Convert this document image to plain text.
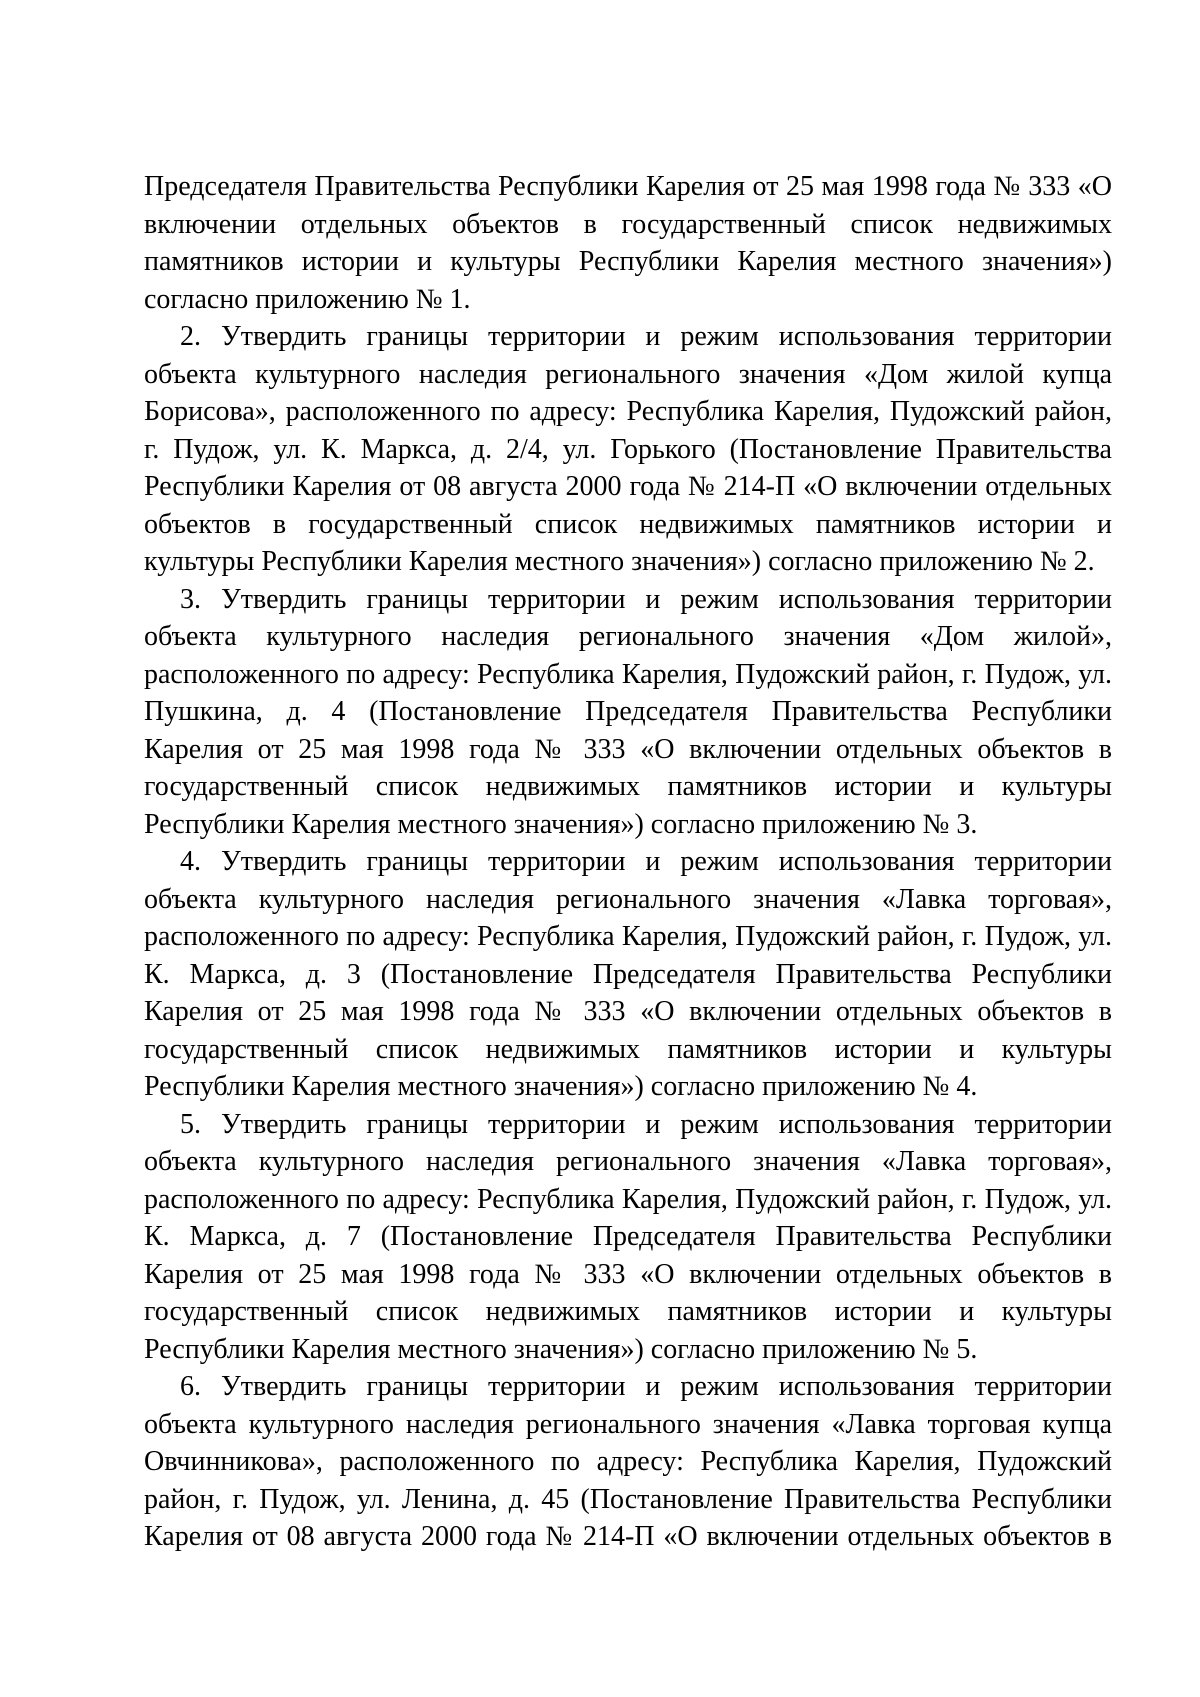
Председателя Правительства Республики Карелия от 25 мая 1998 года № 333 «О включении отдельных объектов в государственный список недвижимых памятников истории и культуры Республики Карелия местного значения») согласно приложению № 1.

2. Утвердить границы территории и режим использования территории объекта культурного наследия регионального значения «Дом жилой купца Борисова», расположенного по адресу: Республика Карелия, Пудожский район, г. Пудож, ул. К. Маркса, д. 2/4, ул. Горького (Постановление Правительства Республики Карелия от 08 августа 2000 года № 214-П «О включении отдельных объектов в государственный список недвижимых памятников истории и культуры Республики Карелия местного значения») согласно приложению № 2.

3. Утвердить границы территории и режим использования территории объекта культурного наследия регионального значения «Дом жилой», расположенного по адресу: Республика Карелия, Пудожский район, г. Пудож, ул. Пушкина, д. 4 (Постановление Председателя Правительства Республики Карелия от 25 мая 1998 года № 333 «О включении отдельных объектов в государственный список недвижимых памятников истории и культуры Республики Карелия местного значения») согласно приложению № 3.

4. Утвердить границы территории и режим использования территории объекта культурного наследия регионального значения «Лавка торговая», расположенного по адресу: Республика Карелия, Пудожский район, г. Пудож, ул. К. Маркса, д. 3 (Постановление Председателя Правительства Республики Карелия от 25 мая 1998 года № 333 «О включении отдельных объектов в государственный список недвижимых памятников истории и культуры Республики Карелия местного значения») согласно приложению № 4.

5. Утвердить границы территории и режим использования территории объекта культурного наследия регионального значения «Лавка торговая», расположенного по адресу: Республика Карелия, Пудожский район, г. Пудож, ул. К. Маркса, д. 7 (Постановление Председателя Правительства Республики Карелия от 25 мая 1998 года № 333 «О включении отдельных объектов в государственный список недвижимых памятников истории и культуры Республики Карелия местного значения») согласно приложению № 5.

6. Утвердить границы территории и режим использования территории объекта культурного наследия регионального значения «Лавка торговая купца Овчинникова», расположенного по адресу: Республика Карелия, Пудожский район, г. Пудож, ул. Ленина, д. 45 (Постановление Правительства Республики Карелия от 08 августа 2000 года № 214-П «О включении отдельных объектов в
